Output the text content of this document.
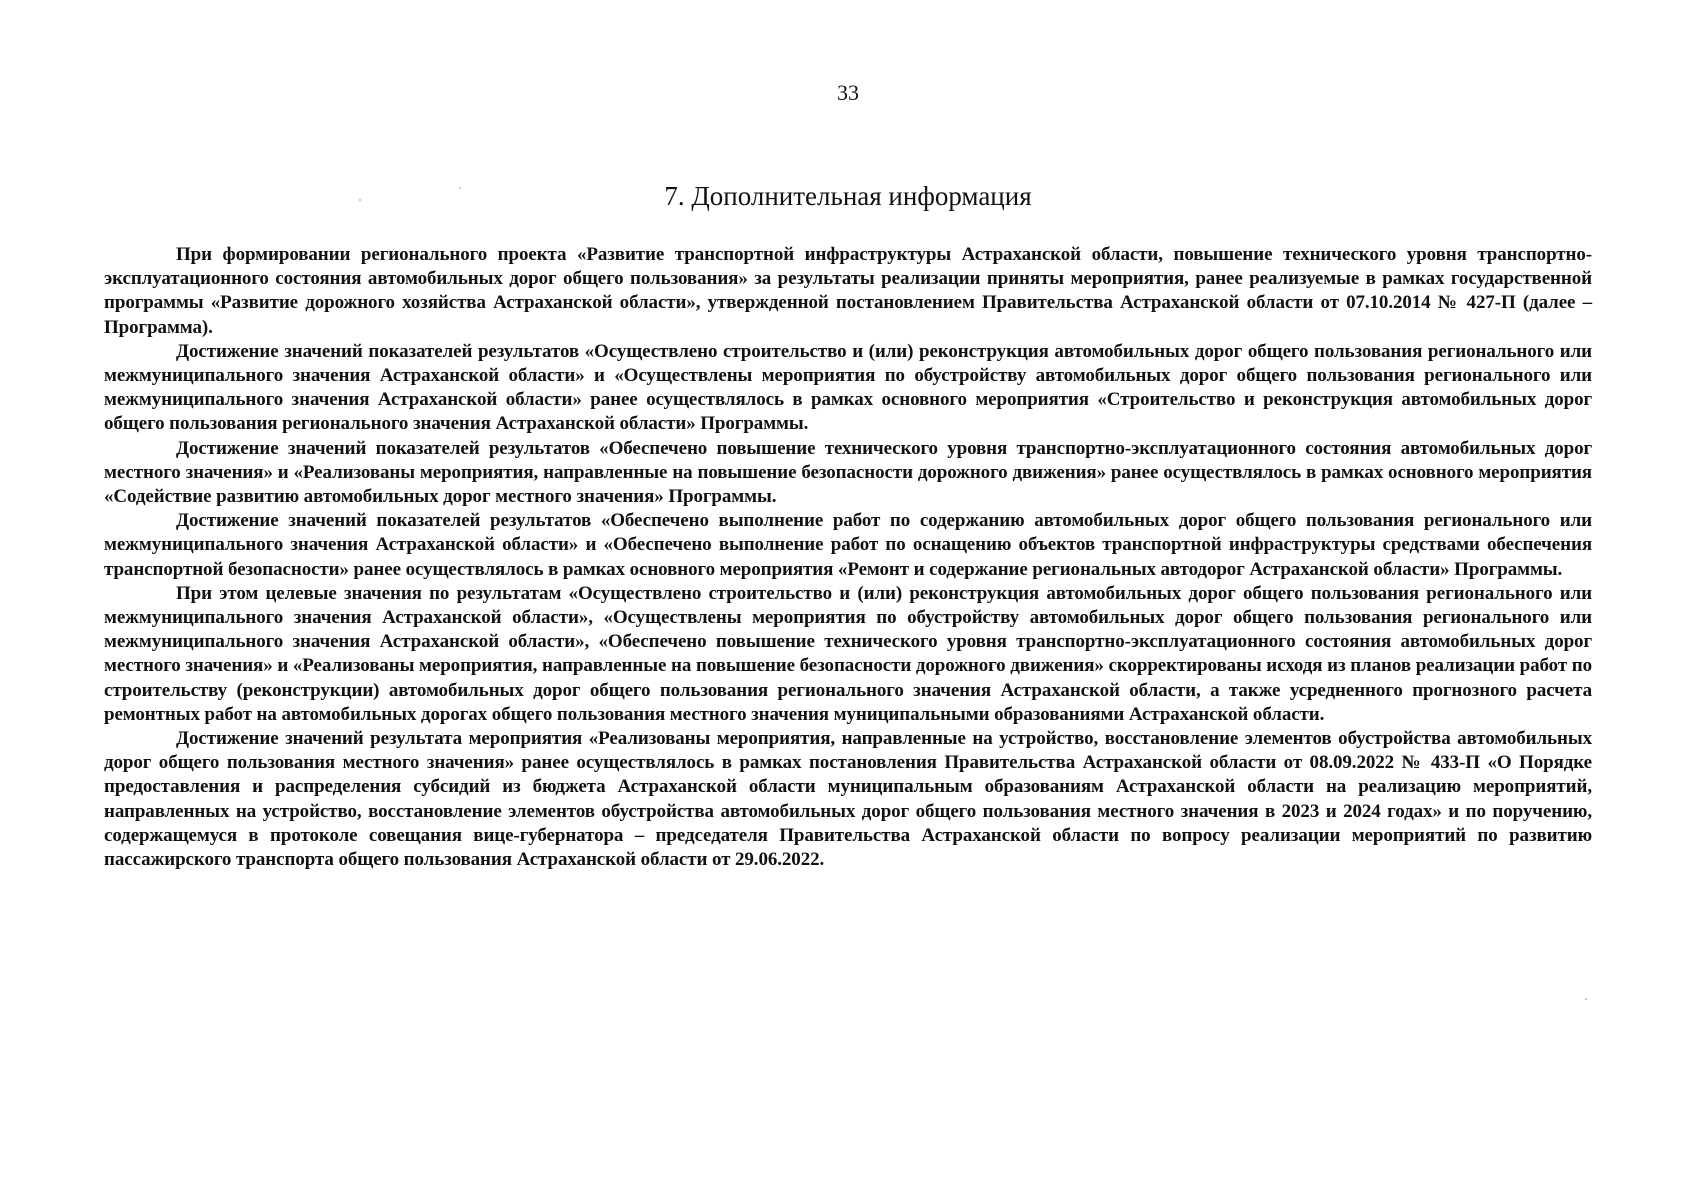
33
7. Дополнительная информация

При формировании регионального проекта «Развитие транспортной инфраструктуры Астраханской области, повышение технического уровня транспортно-эксплуатационного состояния автомобильных дорог общего пользования» за результаты реализации приняты мероприятия, ранее реализуемые в рамках государственной программы «Развитие дорожного хозяйства Астраханской области», утвержденной постановлением Правительства Астраханской области от 07.10.2014 № 427-П (далее – Программа).

Достижение значений показателей результатов «Осуществлено строительство и (или) реконструкция автомобильных дорог общего пользования регионального или межмуниципального значения Астраханской области» и «Осуществлены мероприятия по обустройству автомобильных дорог общего пользования регионального или межмуниципального значения Астраханской области» ранее осуществлялось в рамках основного мероприятия «Строительство и реконструкция автомобильных дорог общего пользования регионального значения Астраханской области» Программы.

Достижение значений показателей результатов «Обеспечено повышение технического уровня транспортно-эксплуатационного состояния автомобильных дорог местного значения» и «Реализованы мероприятия, направленные на повышение безопасности дорожного движения» ранее осуществлялось в рамках основного мероприятия «Содействие развитию автомобильных дорог местного значения» Программы.

Достижение значений показателей результатов «Обеспечено выполнение работ по содержанию автомобильных дорог общего пользования регионального или межмуниципального значения Астраханской области» и «Обеспечено выполнение работ по оснащению объектов транспортной инфраструктуры средствами обеспечения транспортной безопасности» ранее осуществлялось в рамках основного мероприятия «Ремонт и содержание региональных автодорог Астраханской области» Программы.

При этом целевые значения по результатам «Осуществлено строительство и (или) реконструкция автомобильных дорог общего пользования регионального или межмуниципального значения Астраханской области», «Осуществлены мероприятия по обустройству автомобильных дорог общего пользования регионального или межмуниципального значения Астраханской области», «Обеспечено повышение технического уровня транспортно-эксплуатационного состояния автомобильных дорог местного значения» и «Реализованы мероприятия, направленные на повышение безопасности дорожного движения» скорректированы исходя из планов реализации работ по строительству (реконструкции) автомобильных дорог общего пользования регионального значения Астраханской области, а также усредненного прогнозного расчета ремонтных работ на автомобильных дорогах общего пользования местного значения муниципальными образованиями Астраханской области.

Достижение значений результата мероприятия «Реализованы мероприятия, направленные на устройство, восстановление элементов обустройства автомобильных дорог общего пользования местного значения» ранее осуществлялось в рамках постановления Правительства Астраханской области от 08.09.2022 № 433-П «О Порядке предоставления и распределения субсидий из бюджета Астраханской области муниципальным образованиям Астраханской области на реализацию мероприятий, направленных на устройство, восстановление элементов обустройства автомобильных дорог общего пользования местного значения в 2023 и 2024 годах» и по поручению, содержащемуся в протоколе совещания вице-губернатора – председателя Правительства Астраханской области по вопросу реализации мероприятий по развитию пассажирского транспорта общего пользования Астраханской области от 29.06.2022.
